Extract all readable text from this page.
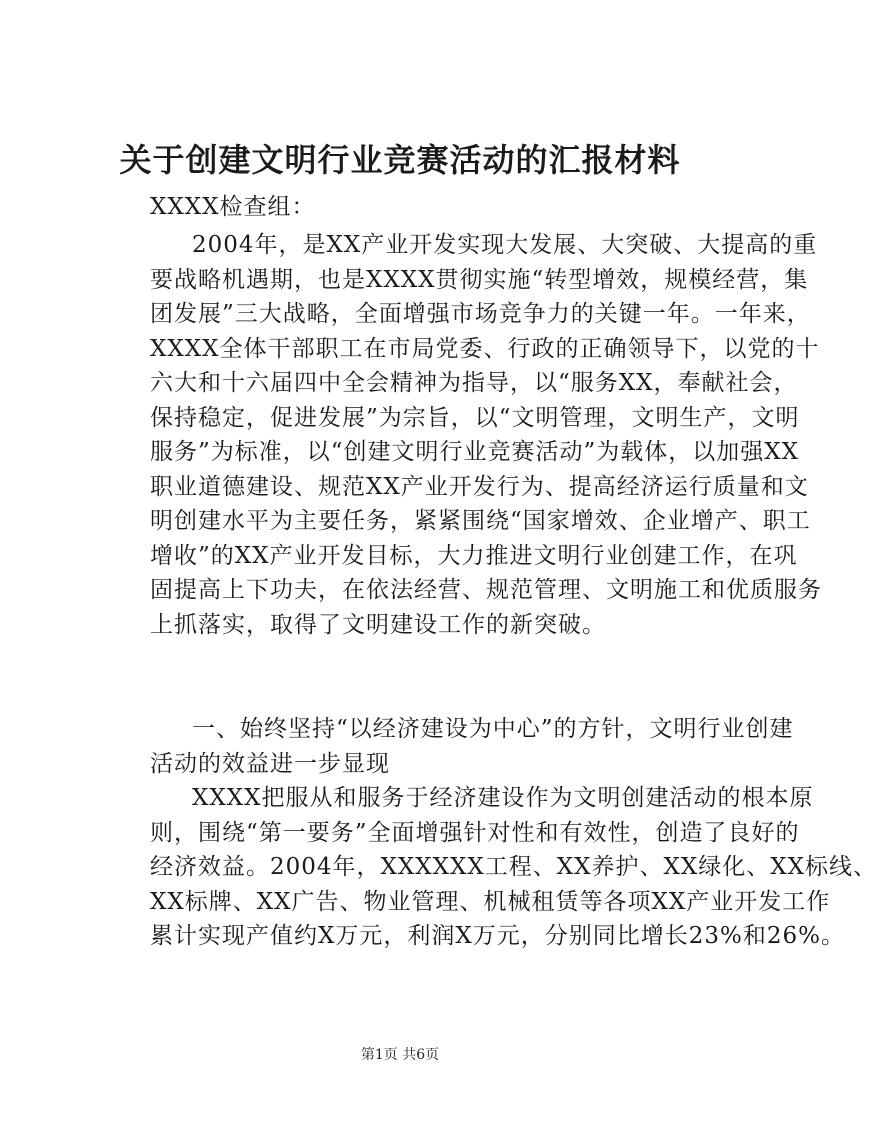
关于创建文明行业竞赛活动的汇报材料

XXXX检查组：

2004年，是XX产业开发实现大发展、大突破、大提高的重
要战略机遇期，也是XXXX贯彻实施“转型增效，规模经营，集
团发展”三大战略，全面增强市场竞争力的关键一年。一年来，
XXXX全体干部职工在市局党委、行政的正确领导下，以党的十
六大和十六届四中全会精神为指导，以“服务XX，奉献社会，
保持稳定，促进发展”为宗旨，以“文明管理，文明生产，文明
服务”为标准，以“创建文明行业竞赛活动”为载体，以加强XX
职业道德建设、规范XX产业开发行为、提高经济运行质量和文
明创建水平为主要任务，紧紧围绕“国家增效、企业增产、职工
增收”的XX产业开发目标，大力推进文明行业创建工作，在巩
固提高上下功夫，在依法经营、规范管理、文明施工和优质服务
上抓落实，取得了文明建设工作的新突破。
一、始终坚持“以经济建设为中心”的方针，文明行业创建
活动的效益进一步显现
XXXX把服从和服务于经济建设作为文明创建活动的根本原
则，围绕“第一要务”全面增强针对性和有效性，创造了良好的
经济效益。2004年，XXXXXX工程、XX养护、XX绿化、XX标线、
XX标牌、XX广告、物业管理、机械租赁等各项XX产业开发工作
累计实现产值约X万元，利润X万元，分别同比增长23%和26%。
第1页 共6页
